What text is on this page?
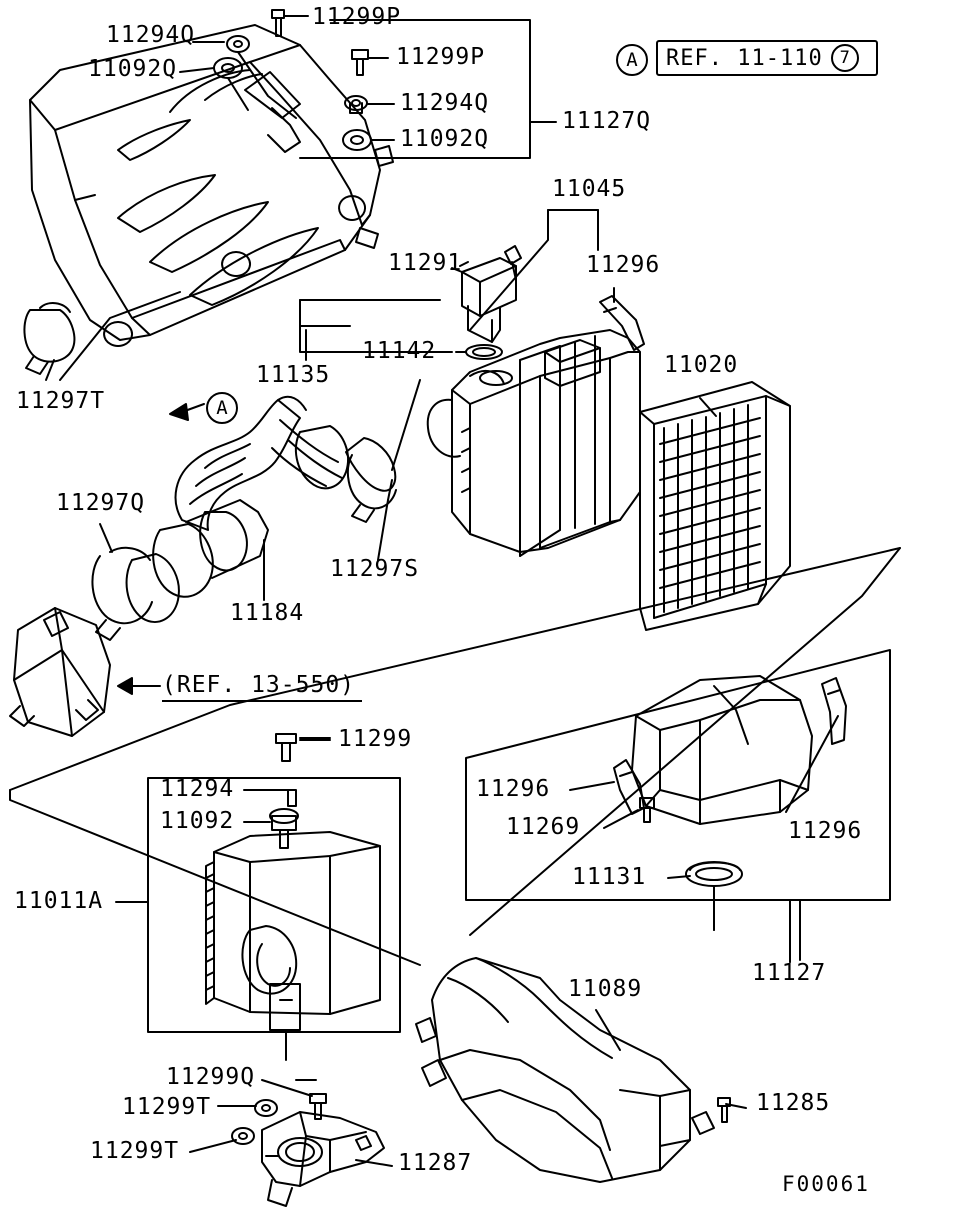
A REF. 11-110 7
A
(REF. 13-550)
11294Q
11092Q
11299P
11299P
11294Q
11092Q
11127Q
11045
11296
11291
11142
11135	11020
11297T
11297Q
11184
11297S
11299
11294
11092
11011A
11296
11269	11296
11131
11127
11089
11285
11299Q
11299T
11299T	11287
F00061
